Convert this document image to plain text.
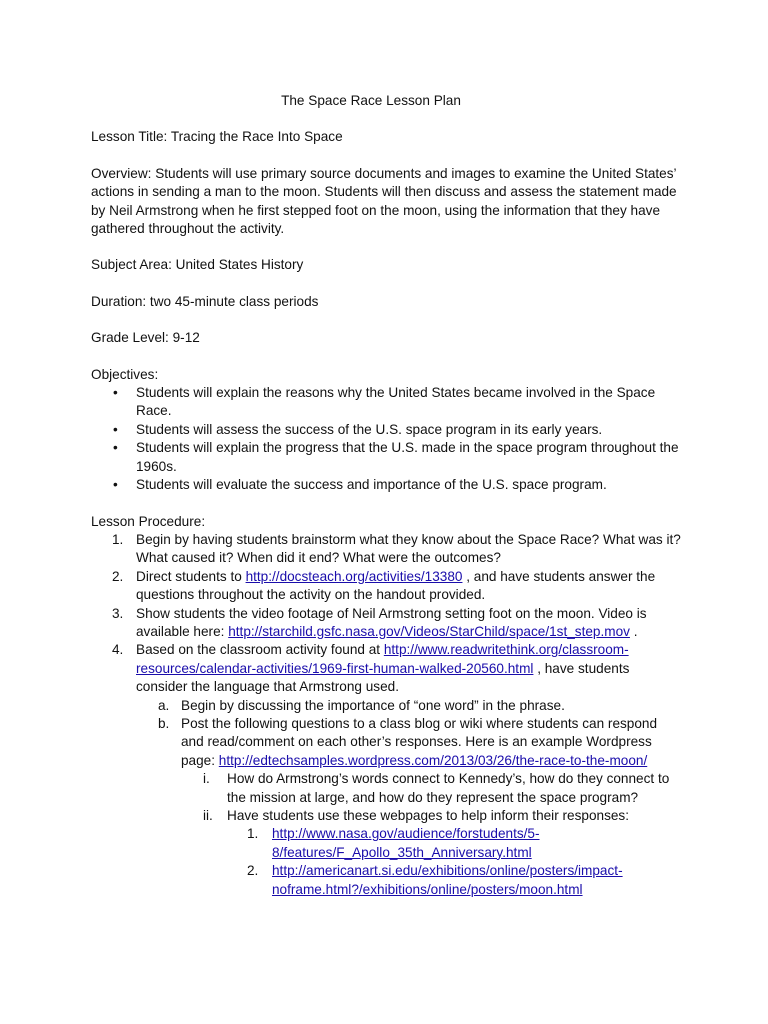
The Space Race Lesson Plan

Lesson Title: Tracing the Race Into Space

Overview: Students will use primary source documents and images to examine the United States’ actions in sending a man to the moon. Students will then discuss and assess the statement made by Neil Armstrong when he first stepped foot on the moon, using the information that they have gathered throughout the activity.

Subject Area: United States History

Duration: two 45-minute class periods

Grade Level: 9-12

Objectives:

• Students will explain the reasons why the United States became involved in the Space Race.
• Students will assess the success of the U.S. space program in its early years.
• Students will explain the progress that the U.S. made in the space program throughout the 1960s.
• Students will evaluate the success and importance of the U.S. space program.

Lesson Procedure:

1. Begin by having students brainstorm what they know about the Space Race? What was it? What caused it? When did it end? What were the outcomes?
2. Direct students to http://docsteach.org/activities/13380 , and have students answer the questions throughout the activity on the handout provided.
3. Show students the video footage of Neil Armstrong setting foot on the moon. Video is available here: http://starchild.gsfc.nasa.gov/Videos/StarChild/space/1st_step.mov .
4. Based on the classroom activity found at http://www.readwritethink.org/classroom-resources/calendar-activities/1969-first-human-walked-20560.html , have students consider the language that Armstrong used.
a. Begin by discussing the importance of “one word” in the phrase.
b. Post the following questions to a class blog or wiki where students can respond and read/comment on each other’s responses. Here is an example Wordpress page: http://edtechsamples.wordpress.com/2013/03/26/the-race-to-the-moon/
i. How do Armstrong’s words connect to Kennedy’s, how do they connect to the mission at large, and how do they represent the space program?
ii. Have students use these webpages to help inform their responses:
1. http://www.nasa.gov/audience/forstudents/5-8/features/F_Apollo_35th_Anniversary.html
2. http://americanart.si.edu/exhibitions/online/posters/impact-noframe.html?/exhibitions/online/posters/moon.html
